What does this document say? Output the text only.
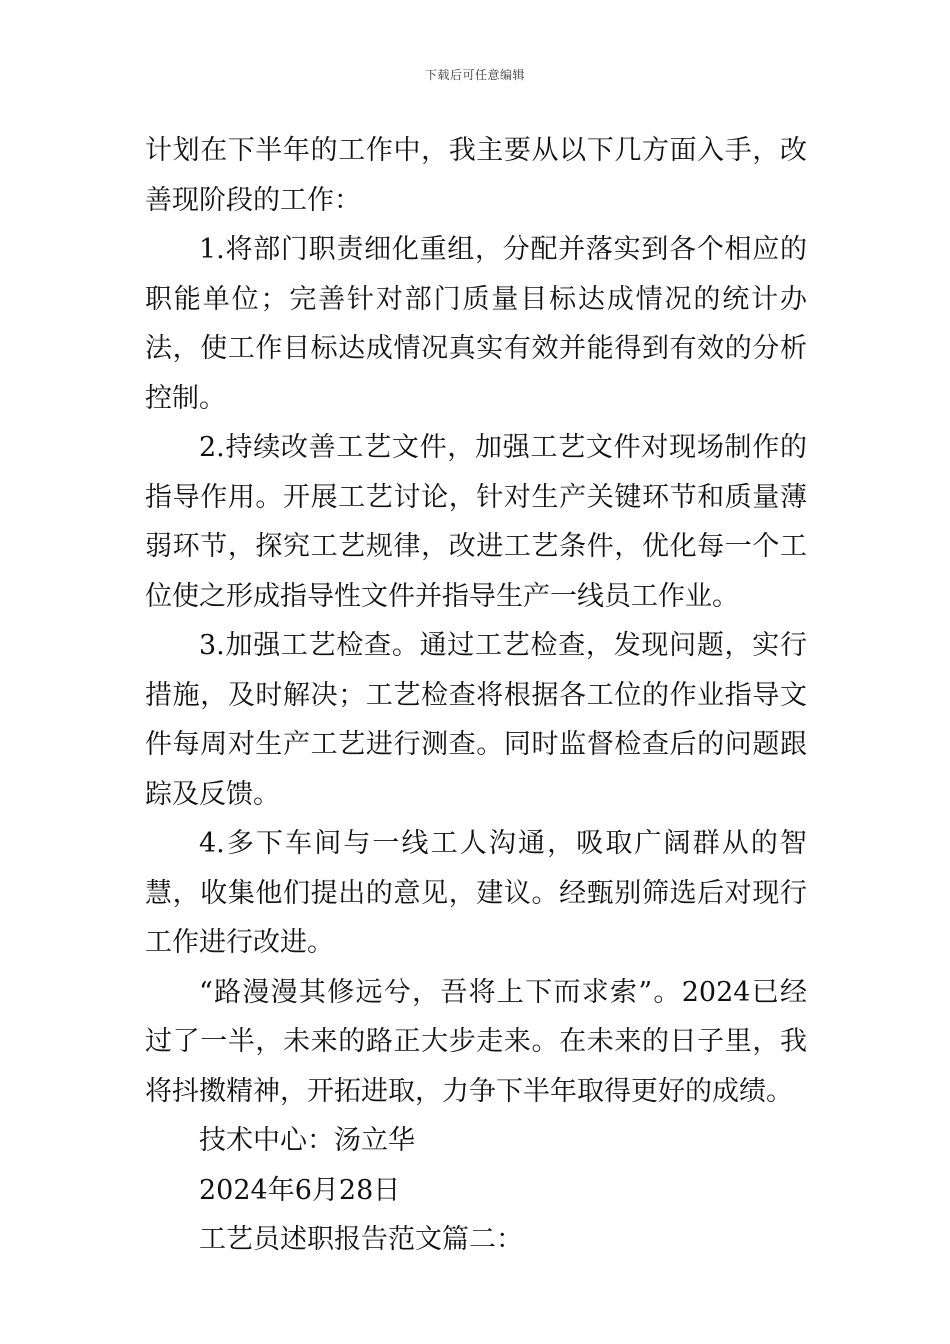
下载后可任意编辑

计划在下半年的工作中，我主要从以下几方面入手，改善现阶段的工作：

1.将部门职责细化重组，分配并落实到各个相应的职能单位；完善针对部门质量目标达成情况的统计办法，使工作目标达成情况真实有效并能得到有效的分析控制。

2.持续改善工艺文件，加强工艺文件对现场制作的指导作用。开展工艺讨论，针对生产关键环节和质量薄弱环节，探究工艺规律，改进工艺条件，优化每一个工位使之形成指导性文件并指导生产一线员工作业。

3.加强工艺检查。通过工艺检查，发现问题，实行措施，及时解决；工艺检查将根据各工位的作业指导文件每周对生产工艺进行测查。同时监督检查后的问题跟踪及反馈。

4.多下车间与一线工人沟通，吸取广阔群从的智慧，收集他们提出的意见，建议。经甄别筛选后对现行工作进行改进。

“路漫漫其修远兮，吾将上下而求索”。2024已经过了一半，未来的路正大步走来。在未来的日子里，我将抖擞精神，开拓进取，力争下半年取得更好的成绩。

技术中心：汤立华

2024年6月28日

工艺员述职报告范文篇二：
